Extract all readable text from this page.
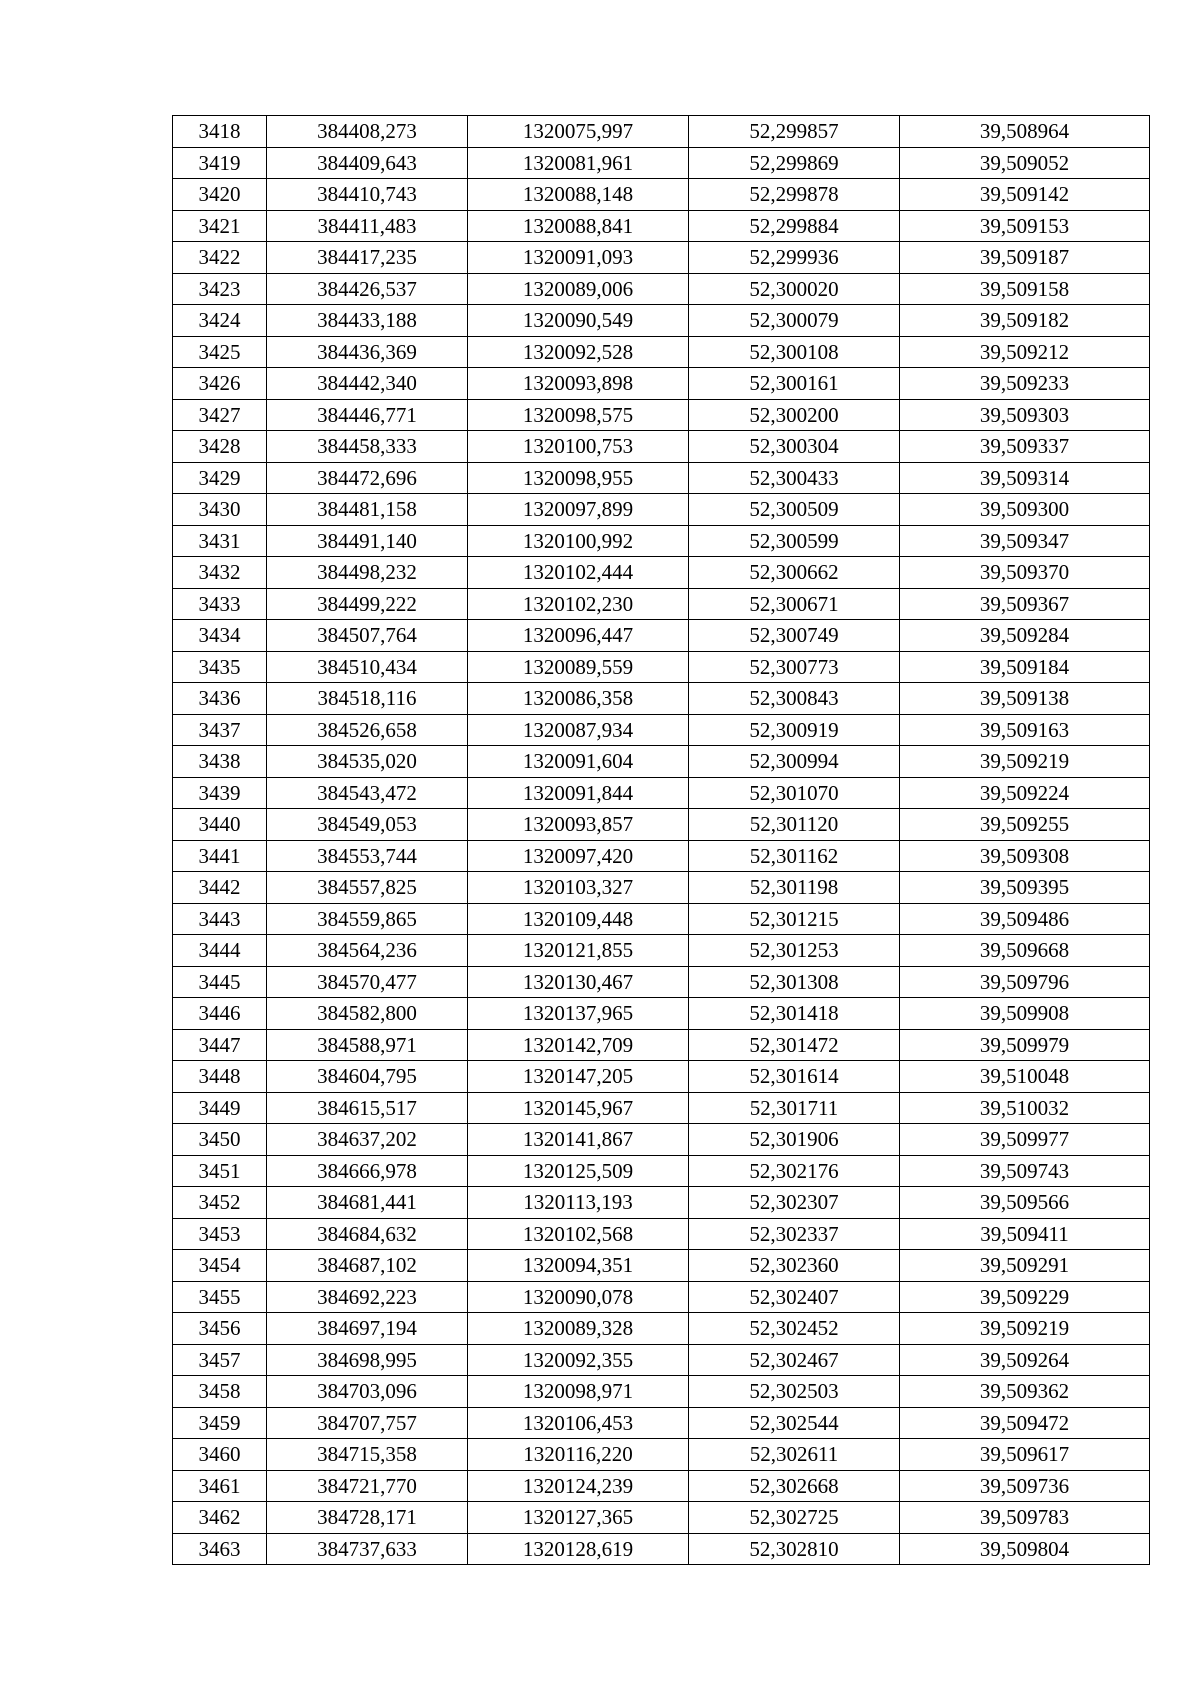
3418	384408,273	1320075,997	52,299857	39,508964
3419	384409,643	1320081,961	52,299869	39,509052
3420	384410,743	1320088,148	52,299878	39,509142
3421	384411,483	1320088,841	52,299884	39,509153
3422	384417,235	1320091,093	52,299936	39,509187
3423	384426,537	1320089,006	52,300020	39,509158
3424	384433,188	1320090,549	52,300079	39,509182
3425	384436,369	1320092,528	52,300108	39,509212
3426	384442,340	1320093,898	52,300161	39,509233
3427	384446,771	1320098,575	52,300200	39,509303
3428	384458,333	1320100,753	52,300304	39,509337
3429	384472,696	1320098,955	52,300433	39,509314
3430	384481,158	1320097,899	52,300509	39,509300
3431	384491,140	1320100,992	52,300599	39,509347
3432	384498,232	1320102,444	52,300662	39,509370
3433	384499,222	1320102,230	52,300671	39,509367
3434	384507,764	1320096,447	52,300749	39,509284
3435	384510,434	1320089,559	52,300773	39,509184
3436	384518,116	1320086,358	52,300843	39,509138
3437	384526,658	1320087,934	52,300919	39,509163
3438	384535,020	1320091,604	52,300994	39,509219
3439	384543,472	1320091,844	52,301070	39,509224
3440	384549,053	1320093,857	52,301120	39,509255
3441	384553,744	1320097,420	52,301162	39,509308
3442	384557,825	1320103,327	52,301198	39,509395
3443	384559,865	1320109,448	52,301215	39,509486
3444	384564,236	1320121,855	52,301253	39,509668
3445	384570,477	1320130,467	52,301308	39,509796
3446	384582,800	1320137,965	52,301418	39,509908
3447	384588,971	1320142,709	52,301472	39,509979
3448	384604,795	1320147,205	52,301614	39,510048
3449	384615,517	1320145,967	52,301711	39,510032
3450	384637,202	1320141,867	52,301906	39,509977
3451	384666,978	1320125,509	52,302176	39,509743
3452	384681,441	1320113,193	52,302307	39,509566
3453	384684,632	1320102,568	52,302337	39,509411
3454	384687,102	1320094,351	52,302360	39,509291
3455	384692,223	1320090,078	52,302407	39,509229
3456	384697,194	1320089,328	52,302452	39,509219
3457	384698,995	1320092,355	52,302467	39,509264
3458	384703,096	1320098,971	52,302503	39,509362
3459	384707,757	1320106,453	52,302544	39,509472
3460	384715,358	1320116,220	52,302611	39,509617
3461	384721,770	1320124,239	52,302668	39,509736
3462	384728,171	1320127,365	52,302725	39,509783
3463	384737,633	1320128,619	52,302810	39,509804
